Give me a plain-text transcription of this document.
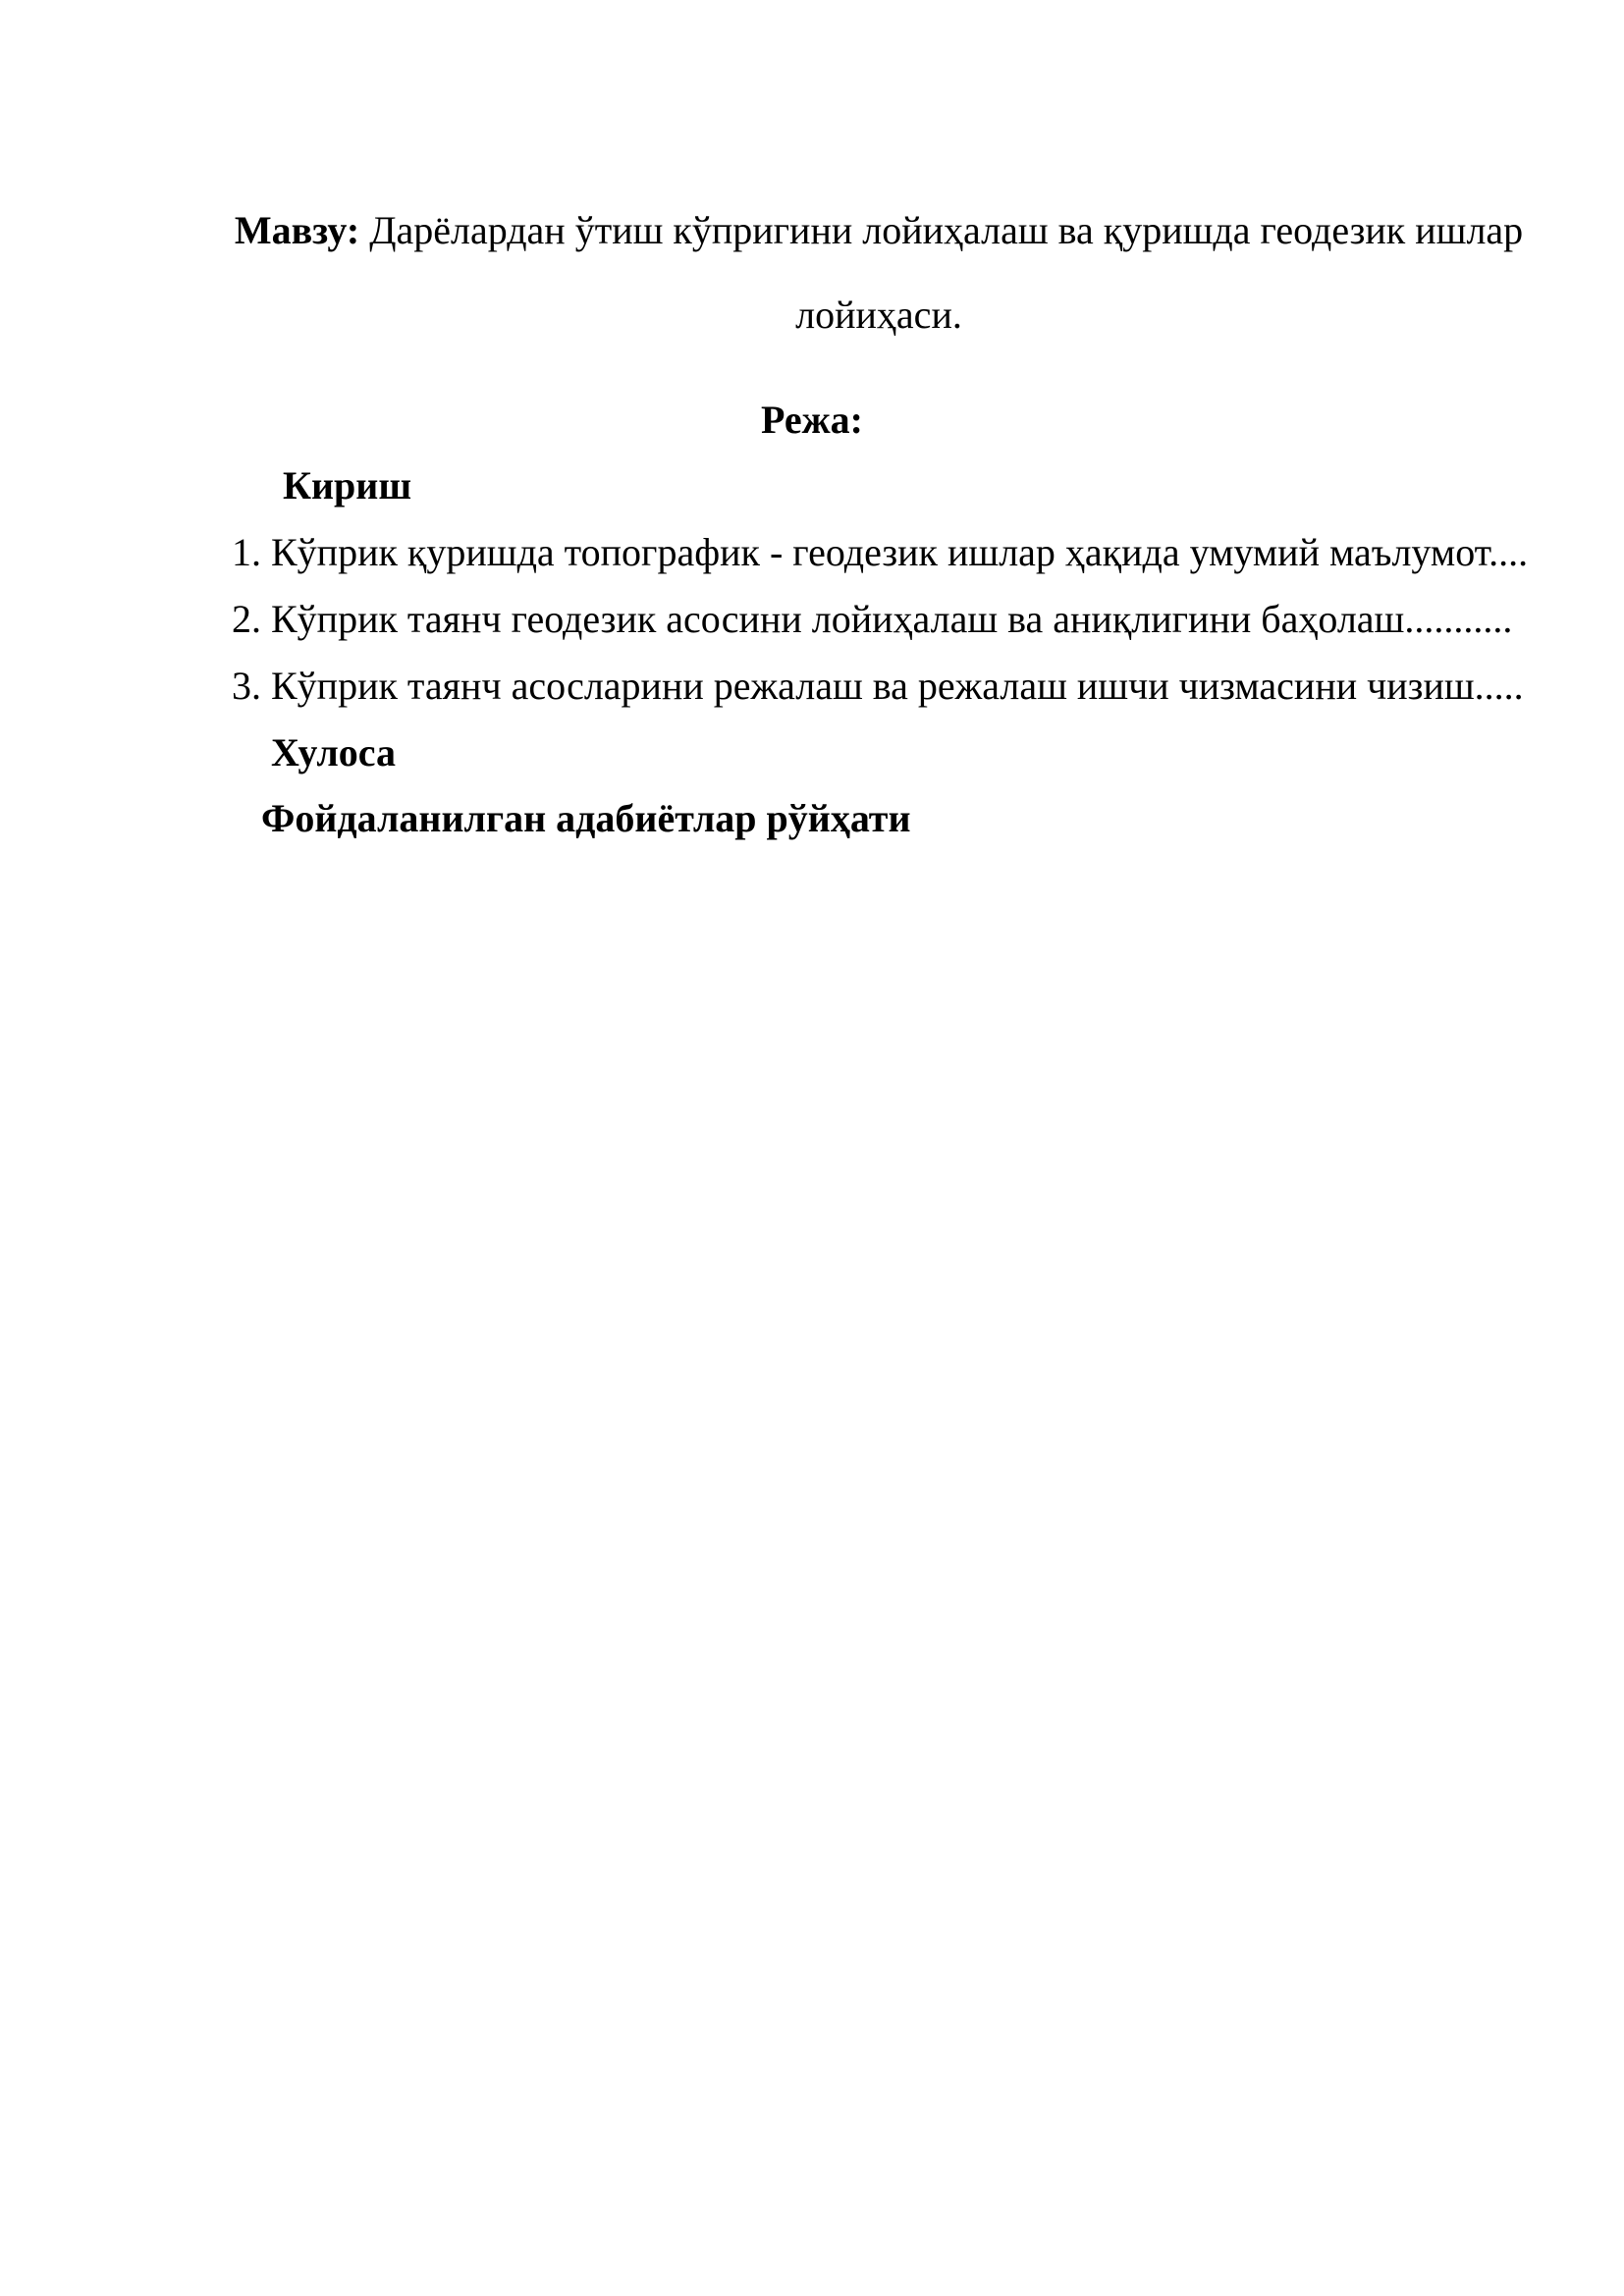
Мавзу: Дарёлардан ўтиш кўпригини лойиҳалаш ва қуришда геодезик ишлар лойиҳаси.
Режа:
Кириш
1. Кўприк қуришда топографик - геодезик ишлар ҳақида умумий маълумот....
2. Кўприк таянч геодезик асосини лойиҳалаш ва аниқлигини баҳолаш...........
3. Кўприк таянч асосларини режалаш ва режалаш ишчи чизмасини чизиш.....
Хулоса
Фойдаланилган адабиётлар рўйҳати
